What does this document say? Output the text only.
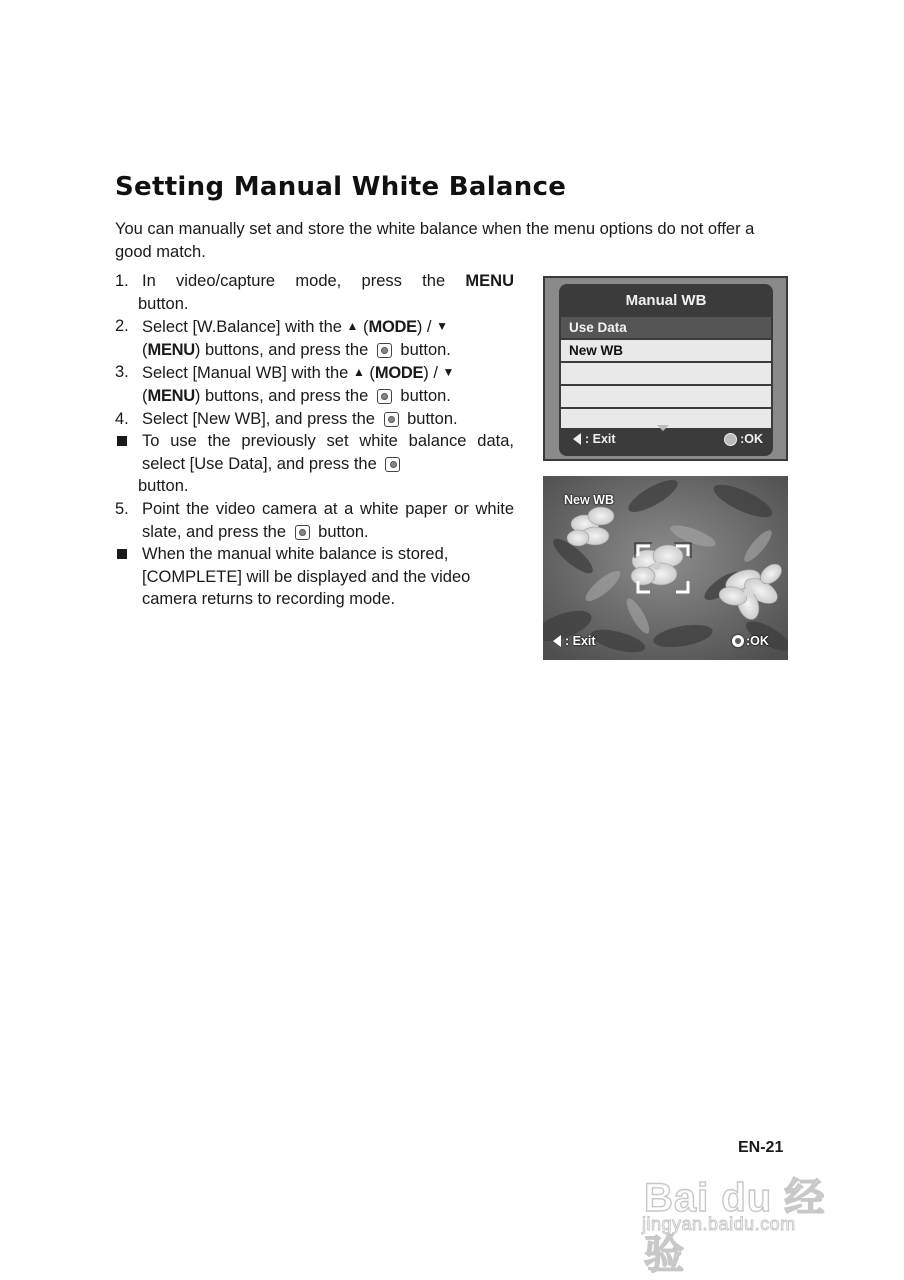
Setting Manual White Balance

You can manually set and store the white balance when the menu options do not offer a good match.

1. In video/capture mode, press the MENU
button.
2. Select [W.Balance] with the ▲ (MODE) / ▼
(MENU) buttons, and press the  button.
3. Select [Manual WB] with the ▲ (MODE) / ▼
(MENU) buttons, and press the  button.
4. Select [New WB], and press the  button.
To use the previously set white balance data, select [Use Data], and press the
button.
5. Point the video camera at a white paper or white slate, and press the  button.
When the manual white balance is stored, [COMPLETE] will be displayed and the video camera returns to recording mode.
Manual WB
Use Data
New WB
: Exit	:OK
New WB
: Exit	:OK
EN-21
Bai du 经验
jingyan.baidu.com
